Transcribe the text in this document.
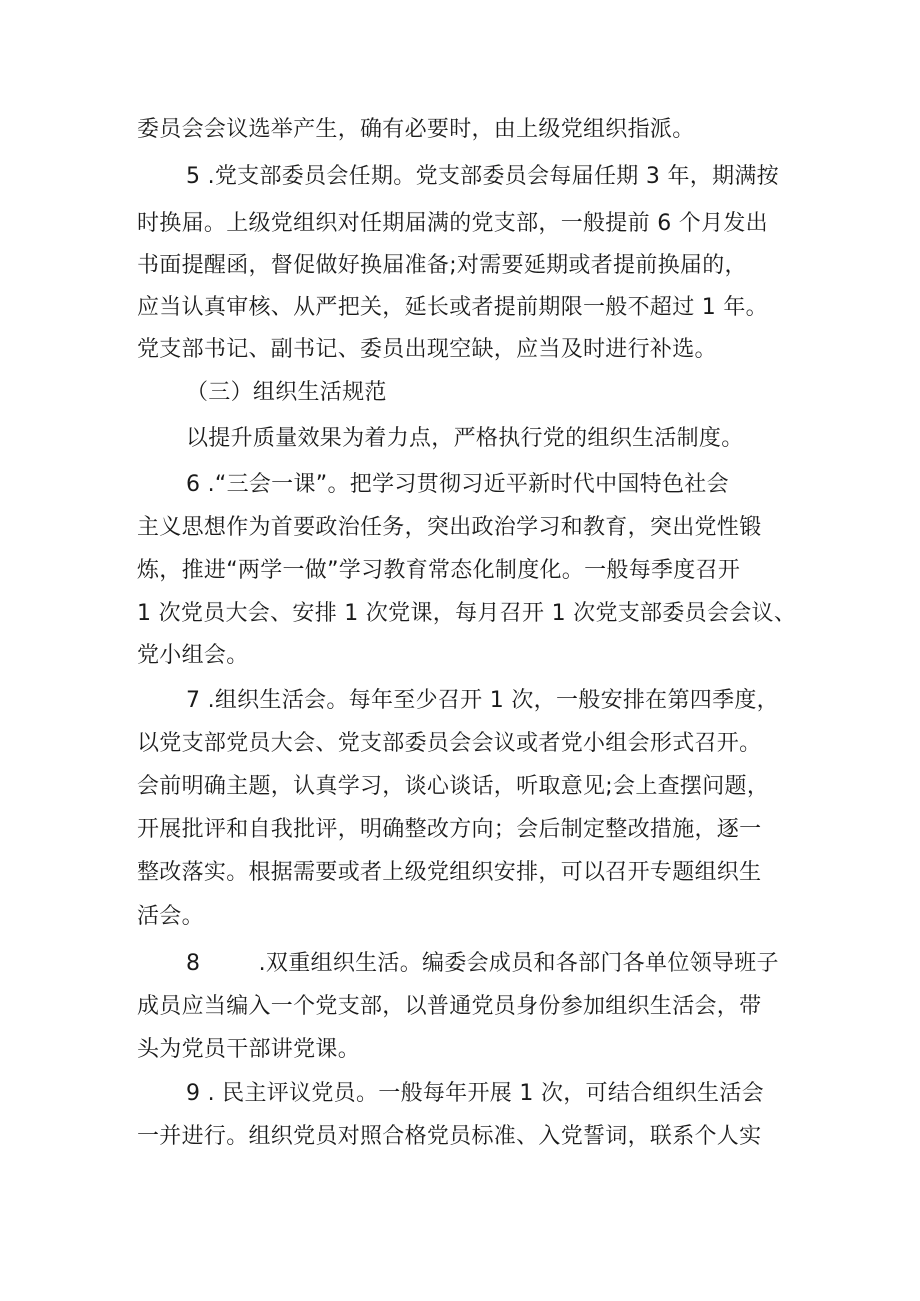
委员会会议选举产生，确有必要时，由上级党组织指派。
5 .党支部委员会任期。党支部委员会每届任期 3 年，期满按
时换届。上级党组织对任期届满的党支部，一般提前 6 个月发出
书面提醒函，督促做好换届准备;对需要延期或者提前换届的，
应当认真审核、从严把关，延长或者提前期限一般不超过 1 年。
党支部书记、副书记、委员出现空缺，应当及时进行补选。
（三）组织生活规范
以提升质量效果为着力点，严格执行党的组织生活制度。
6 .“三会一课”。把学习贯彻习近平新时代中国特色社会
主义思想作为首要政治任务，突出政治学习和教育，突出党性锻
炼，推进“两学一做”学习教育常态化制度化。一般每季度召开
1 次党员大会、安排 1 次党课，每月召开 1 次党支部委员会会议、
党小组会。
7 .组织生活会。每年至少召开 1 次，一般安排在第四季度，
以党支部党员大会、党支部委员会会议或者党小组会形式召开。
会前明确主题，认真学习，谈心谈话，听取意见;会上查摆问题，
开展批评和自我批评，明确整改方向；会后制定整改措施，逐一
整改落实。根据需要或者上级党组织安排，可以召开专题组织生
活会。
8        .双重组织生活。编委会成员和各部门各单位领导班子
成员应当编入一个党支部，以普通党员身份参加组织生活会，带
头为党员干部讲党课。
9 . 民主评议党员。一般每年开展 1 次，可结合组织生活会
一并进行。组织党员对照合格党员标准、入党誓词，联系个人实
